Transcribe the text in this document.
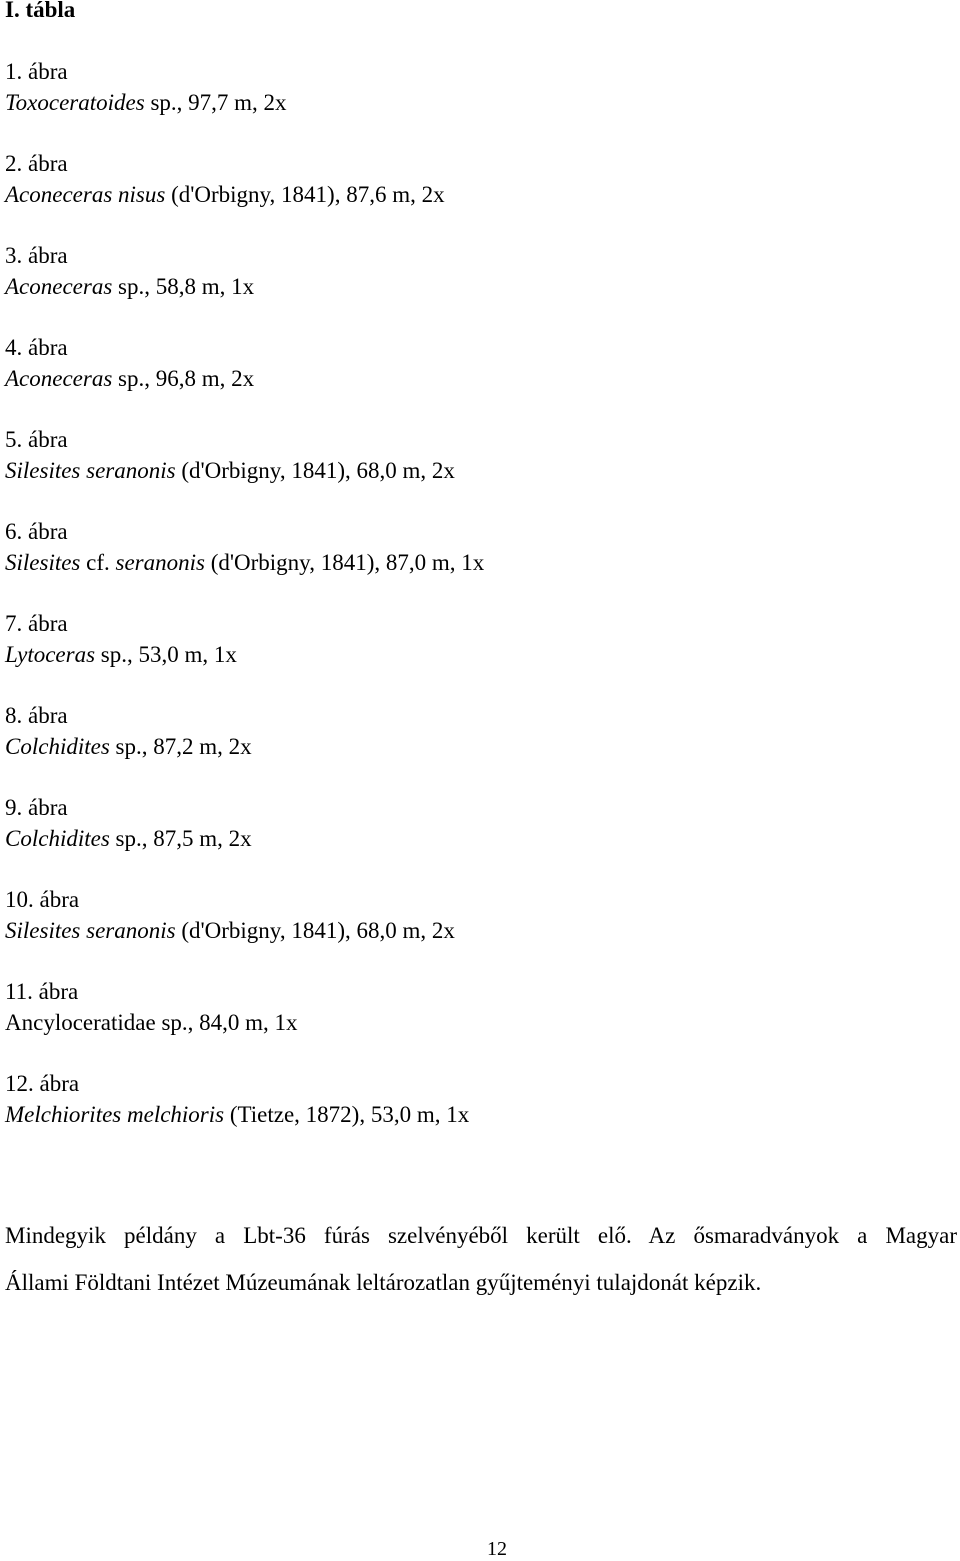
I. tábla
1. ábra
Toxoceratoides sp., 97,7 m, 2x
2. ábra
Aconeceras nisus (d'Orbigny, 1841), 87,6 m, 2x
3. ábra
Aconeceras sp., 58,8 m, 1x
4. ábra
Aconeceras sp., 96,8 m, 2x
5. ábra
Silesites seranonis (d'Orbigny, 1841), 68,0 m, 2x
6. ábra
Silesites cf. seranonis (d'Orbigny, 1841), 87,0 m, 1x
7. ábra
Lytoceras sp., 53,0 m, 1x
8. ábra
Colchidites sp., 87,2 m, 2x
9. ábra
Colchidites sp., 87,5 m, 2x
10. ábra
Silesites seranonis (d'Orbigny, 1841), 68,0 m, 2x
11. ábra
Ancyloceratidae sp., 84,0 m, 1x
12. ábra
Melchiorites melchioris (Tietze, 1872), 53,0 m, 1x
Mindegyik példány a Lbt-36 fúrás szelvényéből került elő. Az ősmaradványok a Magyar
Állami Földtani Intézet Múzeumának leltározatlan gyűjteményi tulajdonát képzik.
12
